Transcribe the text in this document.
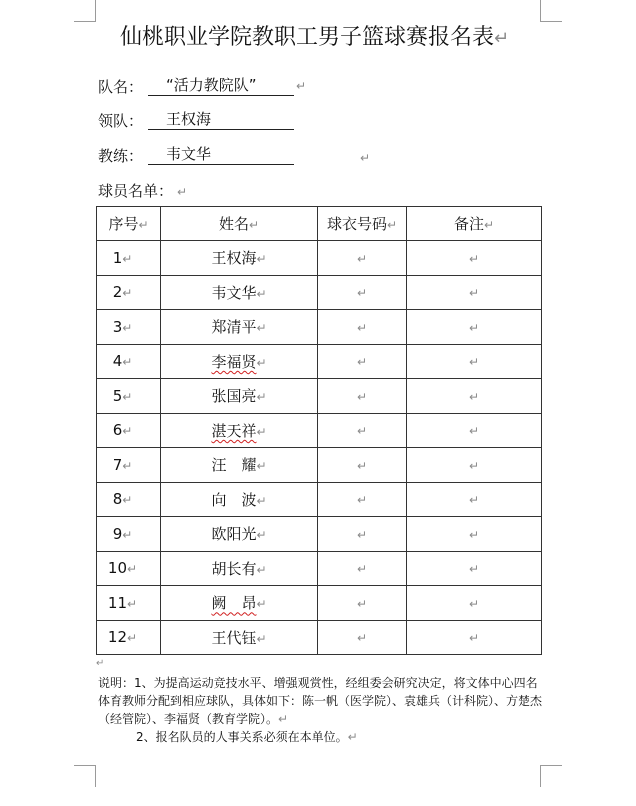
仙桃职业学院教职工男子篮球赛报名表↵
队名：	“活力教院队”	↵
领队：	王权海
教练：	韦文华	↵
球员名单： ↵
序号↵	姓名↵	球衣号码↵	备注↵
1↵	王权海↵	↵	↵
2↵	韦文华↵	↵	↵
3↵	郑清平↵	↵	↵
4↵	李福贤↵	↵	↵
5↵	张国亮↵	↵	↵
6↵	湛天祥↵	↵	↵
7↵	汪　耀↵	↵	↵
8↵	向　波↵	↵	↵
9↵	欧阳光↵	↵	↵
10↵	胡长有↵	↵	↵
11↵	阙　昂↵	↵	↵
12↵	王代钰↵	↵	↵
↵

说明：1、为提高运动竞技水平、增强观赏性，经组委会研究决定，将文体中心四名体育教师分配到相应球队，具体如下：陈一帆（医学院）、袁雄兵（计科院）、方楚杰（经管院）、李福贤（教育学院）。↵

2、报名队员的人事关系必须在本单位。↵
